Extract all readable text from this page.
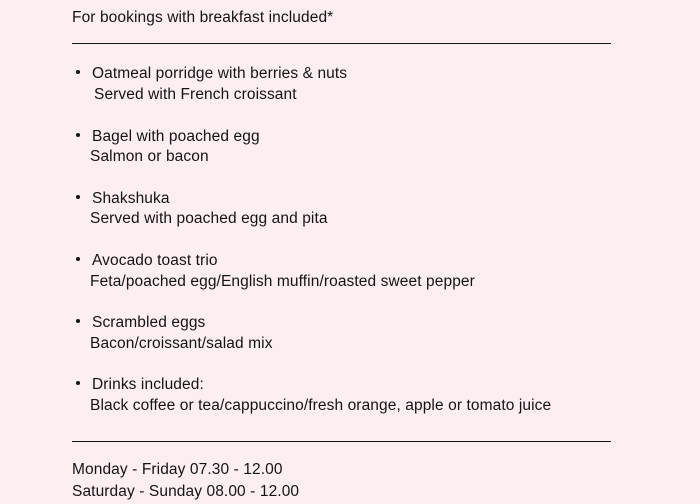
For bookings with breakfast included*
Oatmeal porridge with berries & nuts
Served with French croissant
Bagel with poached egg
Salmon or bacon
Shakshuka
Served with poached egg and pita
Avocado toast trio
Feta/poached egg/English muffin/roasted sweet pepper
Scrambled eggs
Bacon/croissant/salad mix
Drinks included:
Black coffee or tea/cappuccino/fresh orange, apple or tomato juice
Monday - Friday 07.30 - 12.00
Saturday - Sunday 08.00 - 12.00
